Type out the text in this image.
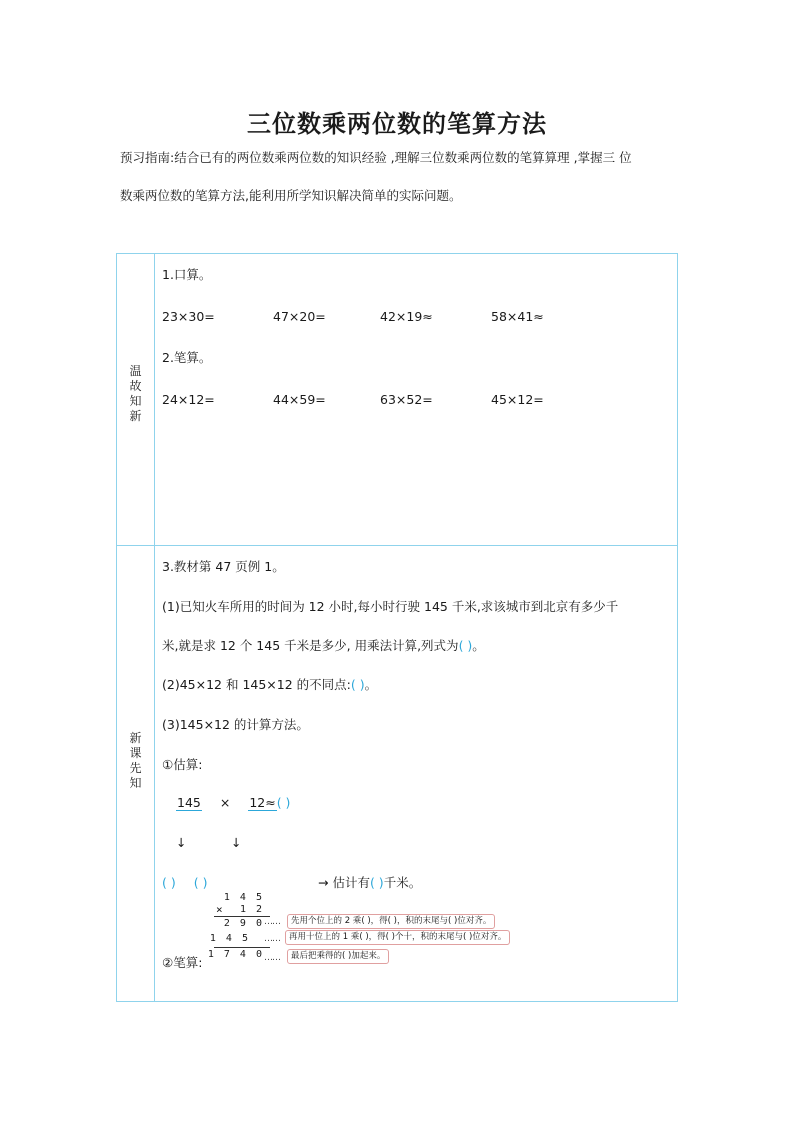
三位数乘两位数的笔算方法
预习指南:结合已有的两位数乘两位数的知识经验 ,理解三位数乘两位数的笔算算理 ,掌握三 位
数乘两位数的笔算方法,能利用所学知识解决简单的实际问题。
温
故
知
新
新
课
先
知
1.口算。
23×30=	47×20=	42×19≈	58×41≈
2.笔算。
24×12=	44×59=	63×52=	45×12=
3.教材第 47 页例 1。
(1)已知火车所用的时间为 12 小时,每小时行驶 145 千米,求该城市到北京有多少千
米,就是求 12 个 145 千米是多少, 用乘法计算,列式为( )。
(2)45×12 和 145×12 的不同点:( )。
(3)145×12 的计算方法。
①估算:
145 × 12≈( )
↓	↓
( ) ( )	→ 估计有( )千米。
②笔算:
1 4 5
× 1 2
2 9 0
1 4 5
1 7 4 0
……	先用个位上的 2 乘( )，得( )，积的末尾与( )位对齐。
……	再用十位上的 1 乘( )，得( )个十，积的末尾与( )位对齐。
……	最后把乘得的( )加起来。
